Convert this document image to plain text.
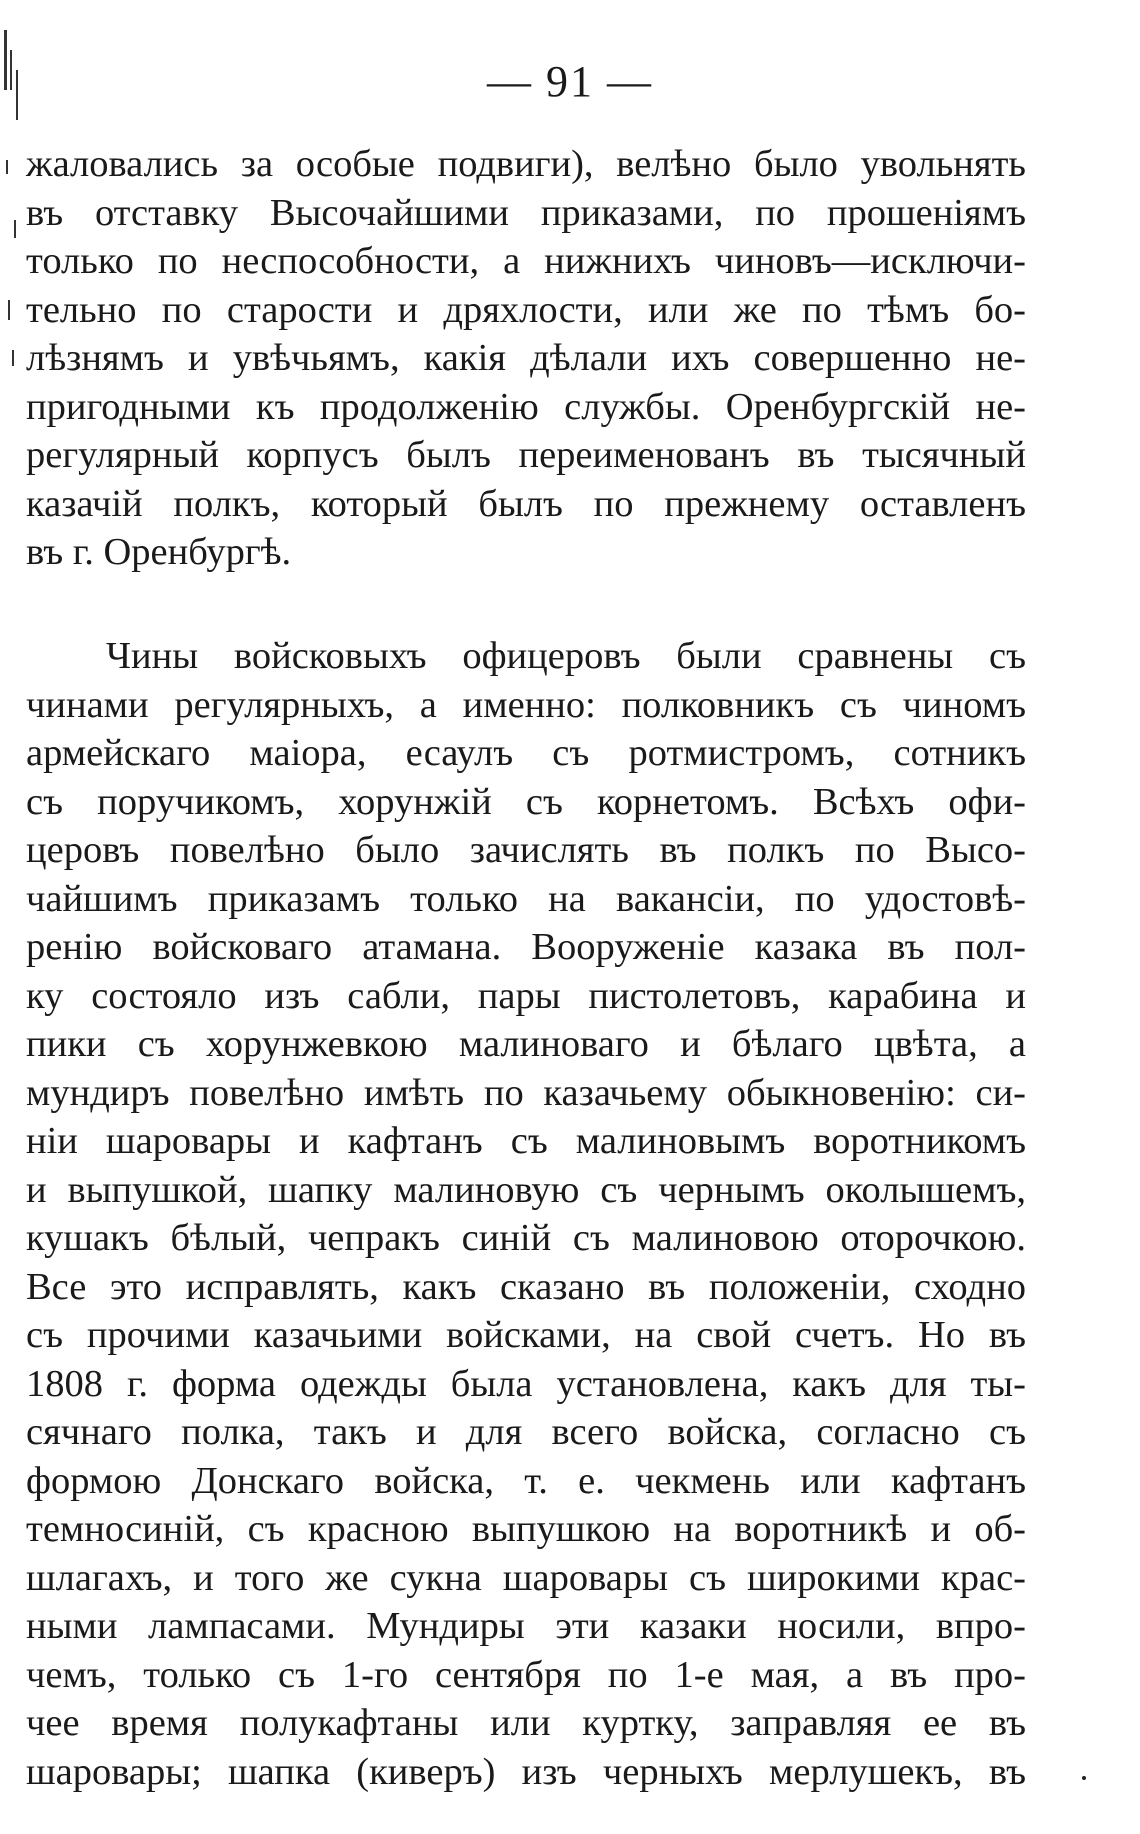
— 91 —
жаловались за особые подвиги), велѣно было увольнять
въ отставку Высочайшими приказами, по прошеніямъ
только по неспособности, а нижнихъ чиновъ—исключи-
тельно по старости и дряхлости, или же по тѣмъ бо-
лѣзнямъ и увѣчьямъ, какія дѣлали ихъ совершенно не-
пригодными къ продолженію службы. Оренбургскій не-
регулярный корпусъ былъ переименованъ въ тысячный
казачій полкъ, который былъ по прежнему оставленъ
въ г. Оренбургѣ.
Чины войсковыхъ офицеровъ были сравнены съ
чинами регулярныхъ, а именно: полковникъ съ чиномъ
армейскаго маіора, есаулъ съ ротмистромъ, сотникъ
съ поручикомъ, хорунжій съ корнетомъ. Всѣхъ офи-
церовъ повелѣно было зачислять въ полкъ по Высо-
чайшимъ приказамъ только на вакансіи, по удостовѣ-
ренію войсковаго атамана. Вооруженіе казака въ пол-
ку состояло изъ сабли, пары пистолетовъ, карабина и
пики съ хорунжевкою малиноваго и бѣлаго цвѣта, а
мундиръ повелѣно имѣть по казачьему обыкновенію: си-
ніи шаровары и кафтанъ съ малиновымъ воротникомъ
и выпушкой, шапку малиновую съ чернымъ околышемъ,
кушакъ бѣлый, чепракъ синій съ малиновою оторочкою.
Все это исправлять, какъ сказано въ положеніи, сходно
съ прочими казачьими войсками, на свой счетъ. Но въ
1808 г. форма одежды была установлена, какъ для ты-
сячнаго полка, такъ и для всего войска, согласно съ
формою Донскаго войска, т. е. чекмень или кафтанъ
темносиній, съ красною выпушкою на воротникѣ и об-
шлагахъ, и того же сукна шаровары съ широкими крас-
ными лампасами. Мундиры эти казаки носили, впро-
чемъ, только съ 1-го сентября по 1-е мая, а въ про-
чее время полукафтаны или куртку, заправляя ее въ
шаровары; шапка (киверъ) изъ черныхъ мерлушекъ, въ
